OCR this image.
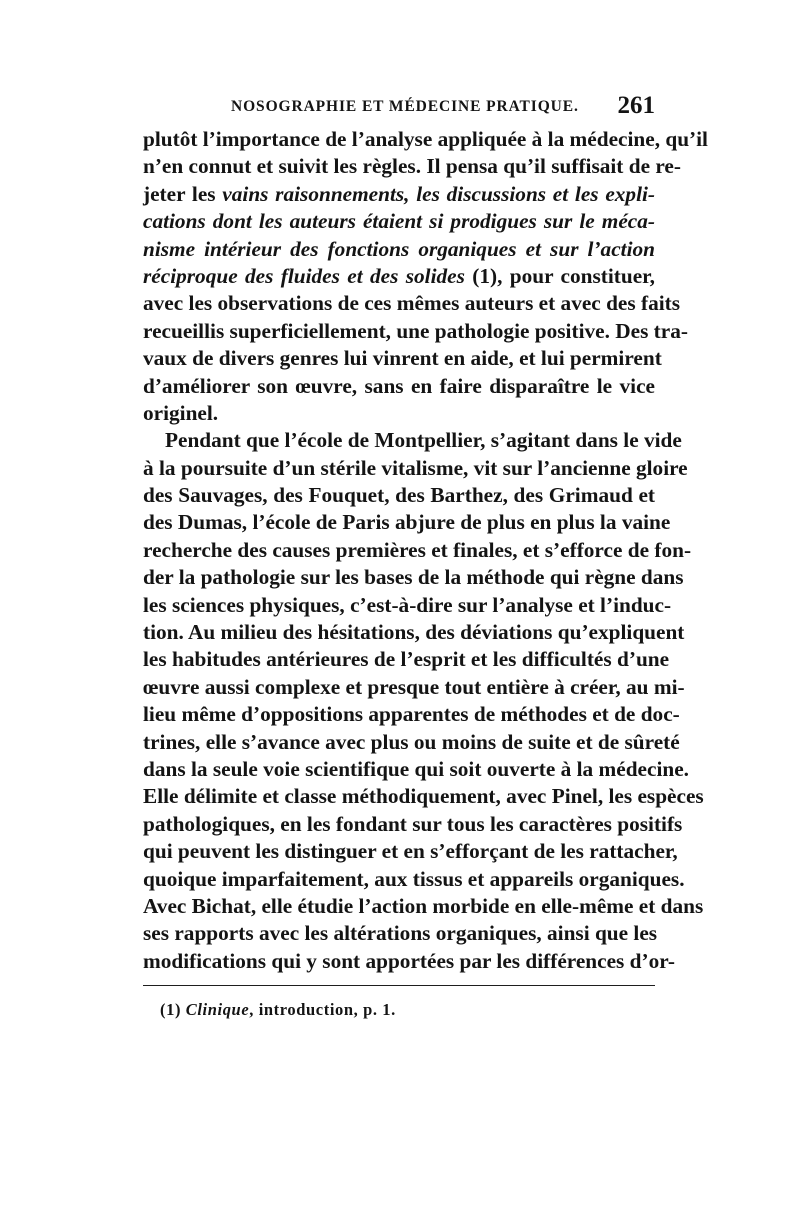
NOSOGRAPHIE ET MÉDECINE PRATIQUE. 261
plutôt l’importance de l’analyse appliquée à la médecine, qu’il
n’en connut et suivit les règles. Il pensa qu’il suffisait de re-
jeter les vains raisonnements, les discussions et les expli-
cations dont les auteurs étaient si prodigues sur le méca-
nisme intérieur des fonctions organiques et sur l’action
réciproque des fluides et des solides (1), pour constituer,
avec les observations de ces mêmes auteurs et avec des faits
recueillis superficiellement, une pathologie positive. Des tra-
vaux de divers genres lui vinrent en aide, et lui permirent
d’améliorer son œuvre, sans en faire disparaître le vice
originel.
Pendant que l’école de Montpellier, s’agitant dans le vide
à la poursuite d’un stérile vitalisme, vit sur l’ancienne gloire
des Sauvages, des Fouquet, des Barthez, des Grimaud et
des Dumas, l’école de Paris abjure de plus en plus la vaine
recherche des causes premières et finales, et s’efforce de fon-
der la pathologie sur les bases de la méthode qui règne dans
les sciences physiques, c’est-à-dire sur l’analyse et l’induc-
tion. Au milieu des hésitations, des déviations qu’expliquent
les habitudes antérieures de l’esprit et les difficultés d’une
œuvre aussi complexe et presque tout entière à créer, au mi-
lieu même d’oppositions apparentes de méthodes et de doc-
trines, elle s’avance avec plus ou moins de suite et de sûreté
dans la seule voie scientifique qui soit ouverte à la médecine.
Elle délimite et classe méthodiquement, avec Pinel, les espèces
pathologiques, en les fondant sur tous les caractères positifs
qui peuvent les distinguer et en s’efforçant de les rattacher,
quoique imparfaitement, aux tissus et appareils organiques.
Avec Bichat, elle étudie l’action morbide en elle-même et dans
ses rapports avec les altérations organiques, ainsi que les
modifications qui y sont apportées par les différences d’or-
(1) Clinique, introduction, p. 1.
